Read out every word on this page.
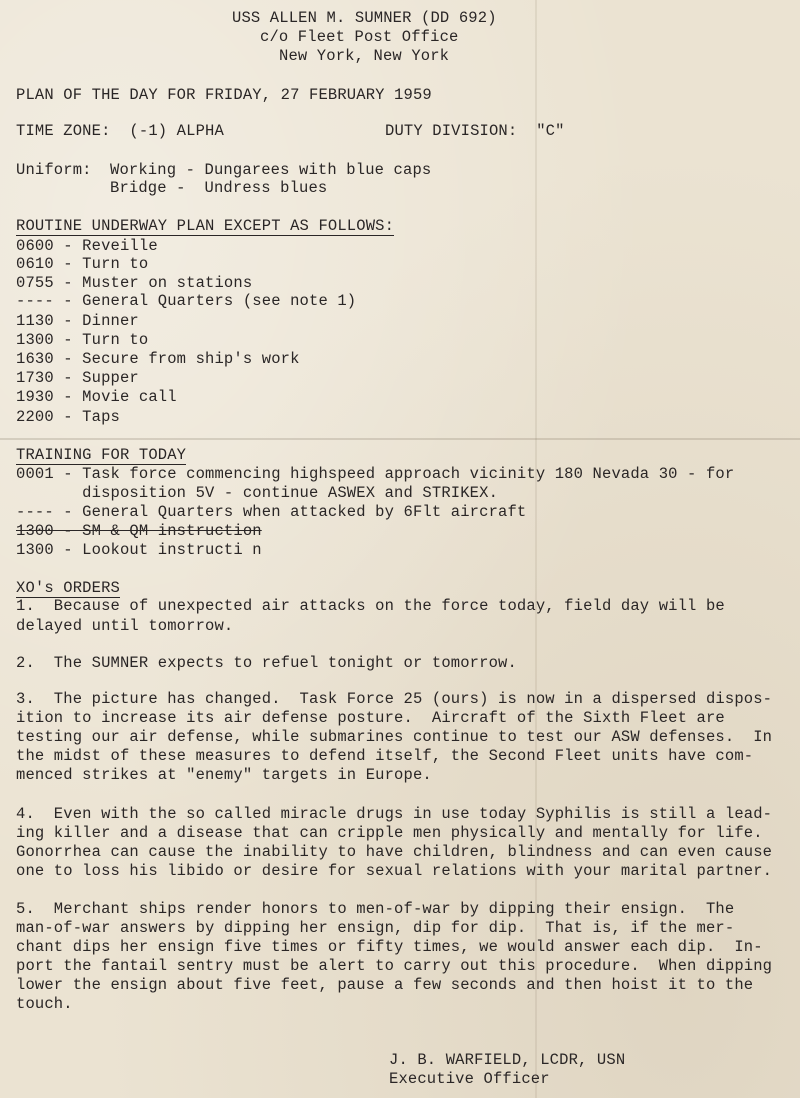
USS ALLEN M. SUMNER (DD 692)
c/o Fleet Post Office
New York, New York
PLAN OF THE DAY FOR FRIDAY, 27 FEBRUARY 1959
TIME ZONE:  (-1) ALPHA	DUTY DIVISION:  "C"
Uniform: Working - Dungarees with blue caps
Bridge -  Undress blues
ROUTINE UNDERWAY PLAN EXCEPT AS FOLLOWS:
0600 - Reveille
0610 - Turn to
0755 - Muster on stations
---- - General Quarters (see note 1)
1130 - Dinner
1300 - Turn to
1630 - Secure from ship's work
1730 - Supper
1930 - Movie call
2200 - Taps
TRAINING FOR TODAY
0001 - Task force commencing highspeed approach vicinity 180 Nevada 30 - for
disposition 5V - continue ASWEX and STRIKEX.
---- - General Quarters when attacked by 6Flt aircraft
1300 - SM & QM instruction
1300 - Lookout instructi n
XO's ORDERS
1.  Because of unexpected air attacks on the force today, field day will be
delayed until tomorrow.
2.  The SUMNER expects to refuel tonight or tomorrow.
3.  The picture has changed.  Task Force 25 (ours) is now in a dispersed dispos-
ition to increase its air defense posture.  Aircraft of the Sixth Fleet are
testing our air defense, while submarines continue to test our ASW defenses.  In
the midst of these measures to defend itself, the Second Fleet units have com-
menced strikes at "enemy" targets in Europe.
4.  Even with the so called miracle drugs in use today Syphilis is still a lead-
ing killer and a disease that can cripple men physically and mentally for life.
Gonorrhea can cause the inability to have children, blindness and can even cause
one to loss his libido or desire for sexual relations with your marital partner.
5.  Merchant ships render honors to men-of-war by dipping their ensign.  The
man-of-war answers by dipping her ensign, dip for dip.  That is, if the mer-
chant dips her ensign five times or fifty times, we would answer each dip.  In-
port the fantail sentry must be alert to carry out this procedure.  When dipping
lower the ensign about five feet, pause a few seconds and then hoist it to the
touch.
J. B. WARFIELD, LCDR, USN
Executive Officer
